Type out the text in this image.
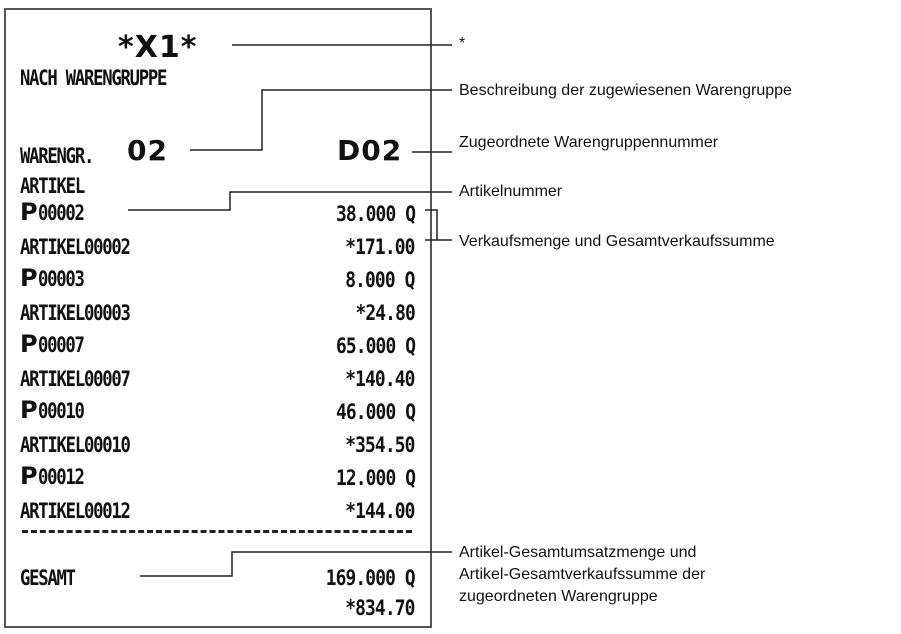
*X1*
NACH WARENGRUPPE
WARENGR. 02	D02
ARTIKEL
P00002	38.000 Q
ARTIKEL00002	*171.00
P00003	8.000 Q
ARTIKEL00003	*24.80
P00007	65.000 Q
ARTIKEL00007	*140.40
P00010	46.000 Q
ARTIKEL00010	*354.50
P00012	12.000 Q
ARTIKEL00012	*144.00
GESAMT	169.000 Q
*834.70
*
Beschreibung der zugewiesenen Warengruppe
Zugeordnete Warengruppennummer
Artikelnummer
Verkaufsmenge und Gesamtverkaufssumme
Artikel-Gesamtumsatzmenge und
Artikel-Gesamtverkaufssumme der
zugeordneten Warengruppe
